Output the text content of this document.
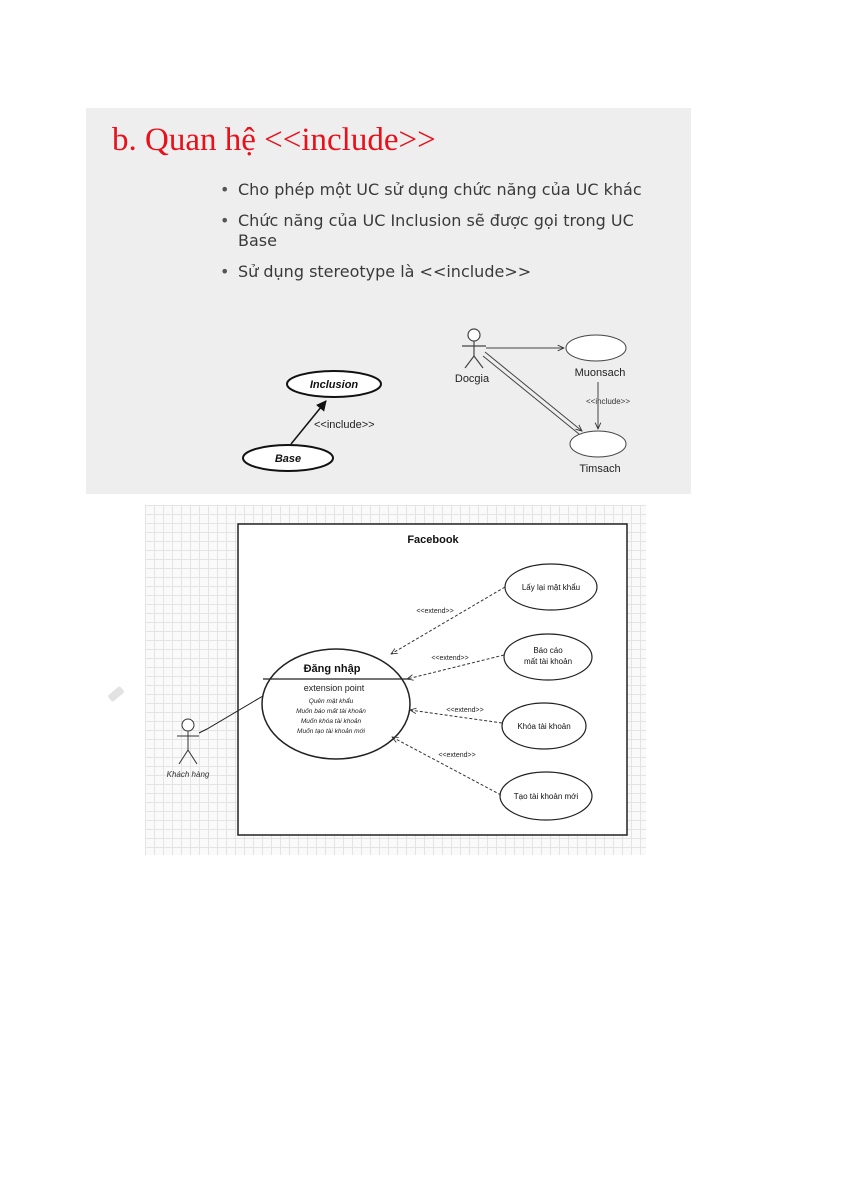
b. Quan hệ <<include>>
• Cho phép một UC sử dụng chức năng của UC khác
• Chức năng của UC Inclusion sẽ được gọi trong UC Base
• Sử dụng stereotype là <<include>>
Inclusion
Base
<<include>>
Docgia	Muonsach
Timsach
<<include>>
Facebook
Khách hàng
Đăng nhập
extension point
Quên mật khẩu
Muốn báo mất tài khoản
Muốn khóa tài khoản
Muốn tạo tài khoản mới
Lấy lại mật khẩu
Báo cáo
mất tài khoản
Khóa tài khoản
Tạo tài khoản mới
<<extend>>
<<extend>>
<<extend>>
<<extend>>
